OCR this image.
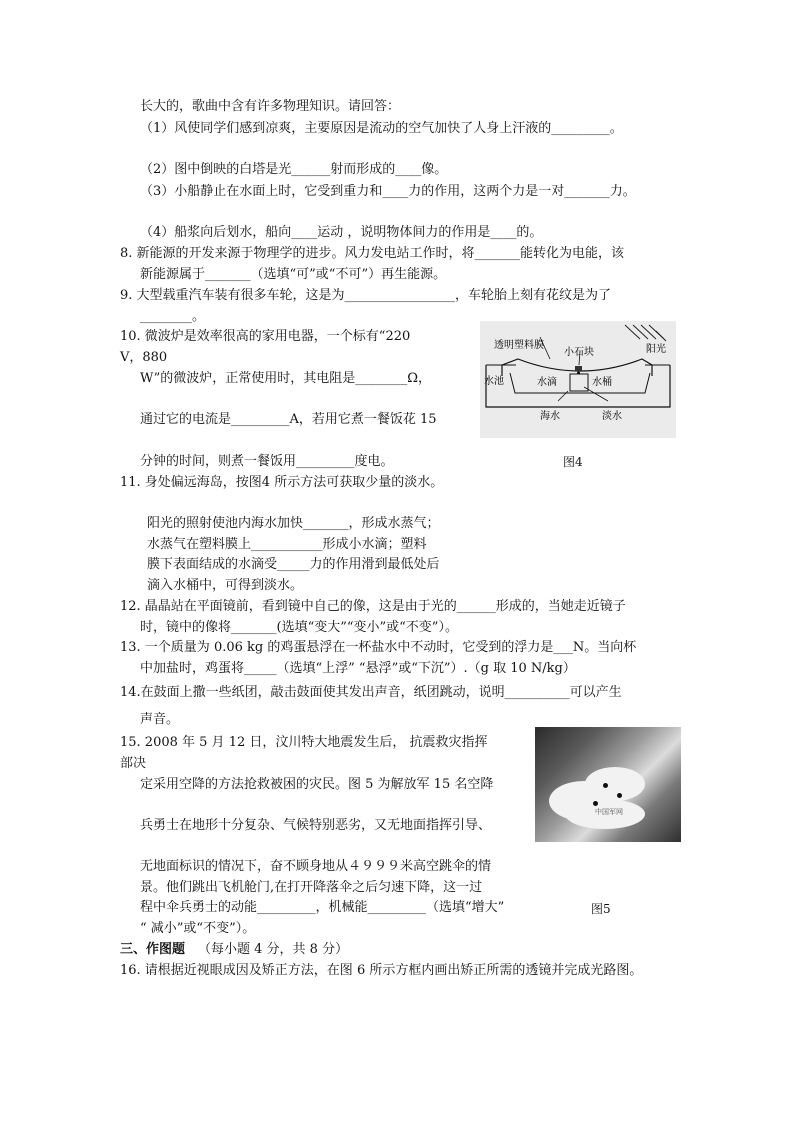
长大的，歌曲中含有许多物理知识。请回答：
（1）风使同学们感到凉爽，主要原因是流动的空气加快了人身上汗液的_________。
（2）图中倒映的白塔是光______射而形成的____像。
（3）小船静止在水面上时，它受到重力和____力的作用，这两个力是一对_______力。
（4）船浆向后划水，船向____运动 ，说明物体间力的作用是____的。
8. 新能源的开发来源于物理学的进步。风力发电站工作时，将_______能转化为电能，该
新能源属于_______（选填“可”或“不可”）再生能源。
9. 大型载重汽车装有很多车轮，这是为_________________，车轮胎上刻有花纹是为了
________。
10. 微波炉是效率很高的家用电器，一个标有“220
V，880
W”的微波炉，正常使用时，其电阻是________Ω，
通过它的电流是_________A，若用它煮一餐饭花 15
分钟的时间，则煮一餐饭用_________度电。
11. 身处偏远海岛，按图4 所示方法可获取少量的淡水。
阳光的照射使池内海水加快_______，形成水蒸气；
水蒸气在塑料膜上___________形成小水滴；塑料
膜下表面结成的水滴受_____力的作用滑到最低处后
滴入水桶中，可得到淡水。
12. 晶晶站在平面镜前，看到镜中自己的像，这是由于光的______形成的，当她走近镜子
时，镜中的像将_______(选填“变大”“变小”或“不变”）。
13. 一个质量为 0.06 kg 的鸡蛋悬浮在一杯盐水中不动时，它受到的浮力是___N。当向杯
中加盐时，鸡蛋将_____（选填“上浮” “悬浮”或“下沉”）.（g 取 10 N/kg）
14.在鼓面上撒一些纸团，敲击鼓面使其发出声音，纸团跳动，说明__________可以产生
声音。
15. 2008 年 5 月 12 日，汶川特大地震发生后， 抗震救灾指挥
部决
定采用空降的方法抢救被困的灾民。图 5 为解放军 15 名空降
兵勇士在地形十分复杂、气候特别恶劣，又无地面指挥引导、
无地面标识的情况下，奋不顾身地从４９９９米高空跳伞的情
景。他们跳出飞机舱门,在打开降落伞之后匀速下降，这一过
程中伞兵勇士的动能_________，机械能_________（选填“增大”
“ 减小”或“不变”）。
三、作图题 （每小题 4 分，共 8 分）
16. 请根据近视眼成因及矫正方法，在图 6 所示方框内画出矫正所需的透镜并完成光路图。
透明塑料膜
小石块	阳光
水池	水滴	水桶
海水	淡水
图4
中国军网
图5
